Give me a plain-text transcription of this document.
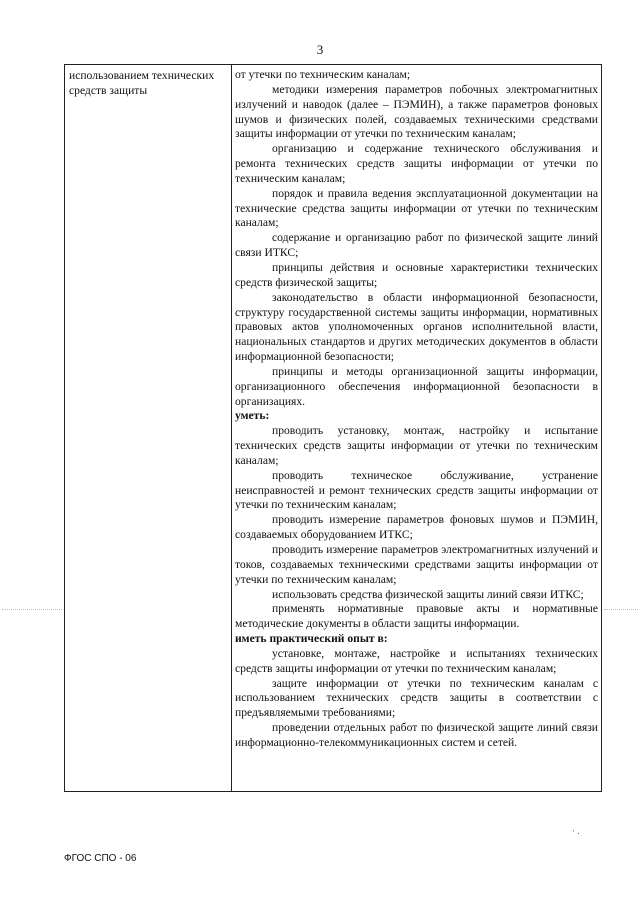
3
использованием технических средств защиты

от утечки по техническим каналам;

методики измерения параметров побочных электромагнитных излучений и наводок (далее – ПЭМИН), а также параметров фоновых шумов и физических полей, создаваемых техническими средствами защиты информации от утечки по техническим каналам;

организацию и содержание технического обслуживания и ремонта технических средств защиты информации от утечки по техническим каналам;

порядок и правила ведения эксплуатационной документации на технические средства защиты информации от утечки по техническим каналам;

содержание и организацию работ по физической защите линий связи ИТКС;

принципы действия и основные характеристики технических средств физической защиты;

законодательство в области информационной безопасности, структуру государственной системы защиты информации, нормативных правовых актов уполномоченных органов исполнительной власти, национальных стандартов и других методических документов в области информационной безопасности;

принципы и методы организационной защиты информации, организационного обеспечения информационной безопасности в организациях.

уметь:

проводить установку, монтаж, настройку и испытание технических средств защиты информации от утечки по техническим каналам;

проводить техническое обслуживание, устранение неисправностей и ремонт технических средств защиты информации от утечки по техническим каналам;

проводить измерение параметров фоновых шумов и ПЭМИН, создаваемых оборудованием ИТКС;

проводить измерение параметров электромагнитных излучений и токов, создаваемых техническими средствами защиты информации от утечки по техническим каналам;

использовать средства физической защиты линий связи ИТКС;

применять нормативные правовые акты и нормативные методические документы в области защиты информации.

иметь практический опыт в:

установке, монтаже, настройке и испытаниях технических средств защиты информации от утечки по техническим каналам;

защите информации от утечки по техническим каналам с использованием технических средств защиты в соответствии с предъявляемыми требованиями;

проведении отдельных работ по физической защите линий связи информационно-телекоммуникационных систем и сетей.

· .
ФГОС СПО - 06
